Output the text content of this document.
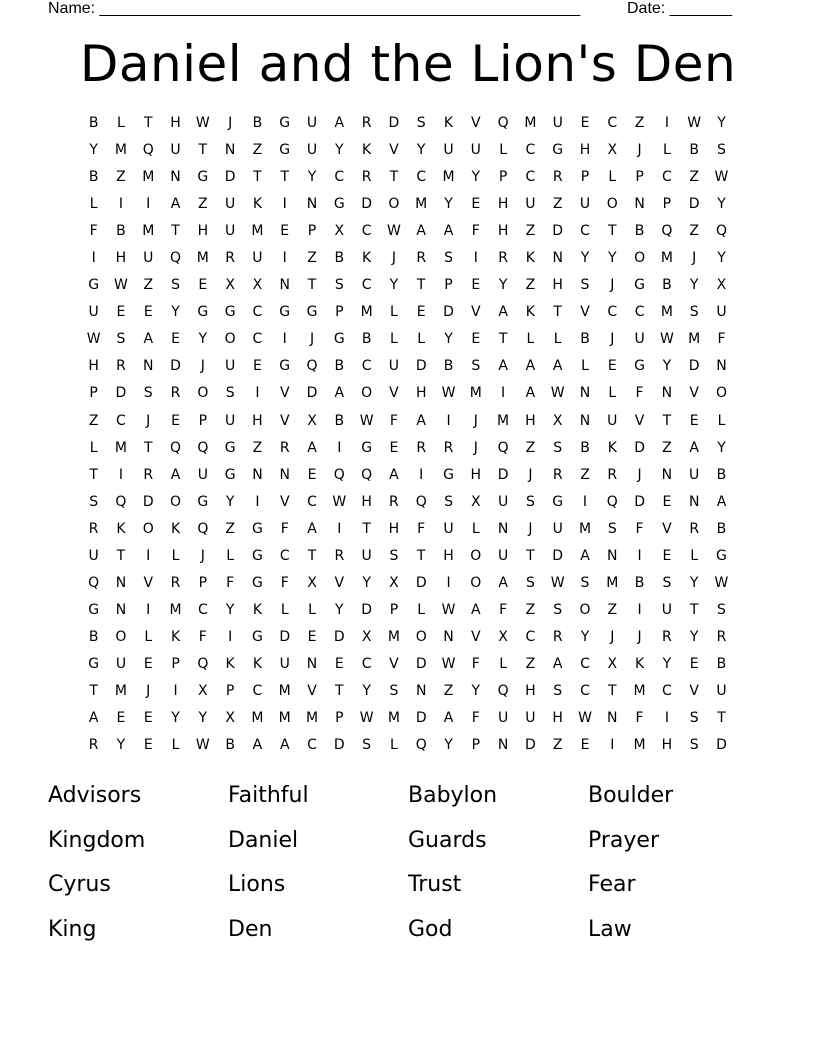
Name: ______________________________________________________	Date: _______
Daniel and the Lion's Den
B	L	T	H	W	J	B	G	U	A	R	D	S	K	V	Q	M	U	E	C	Z	I	W	Y
Y	M	Q	U	T	N	Z	G	U	Y	K	V	Y	U	U	L	C	G	H	X	J	L	B	S
B	Z	M	N	G	D	T	T	Y	C	R	T	C	M	Y	P	C	R	P	L	P	C	Z	W
L	I	I	A	Z	U	K	I	N	G	D	O	M	Y	E	H	U	Z	U	O	N	P	D	Y
F	B	M	T	H	U	M	E	P	X	C	W	A	A	F	H	Z	D	C	T	B	Q	Z	Q
I	H	U	Q	M	R	U	I	Z	B	K	J	R	S	I	R	K	N	Y	Y	O	M	J	Y
G	W	Z	S	E	X	X	N	T	S	C	Y	T	P	E	Y	Z	H	S	J	G	B	Y	X
U	E	E	Y	G	G	C	G	G	P	M	L	E	D	V	A	K	T	V	C	C	M	S	U
W	S	A	E	Y	O	C	I	J	G	B	L	L	Y	E	T	L	L	B	J	U	W	M	F
H	R	N	D	J	U	E	G	Q	B	C	U	D	B	S	A	A	A	L	E	G	Y	D	N
P	D	S	R	O	S	I	V	D	A	O	V	H	W	M	I	A	W	N	L	F	N	V	O
Z	C	J	E	P	U	H	V	X	B	W	F	A	I	J	M	H	X	N	U	V	T	E	L
L	M	T	Q	Q	G	Z	R	A	I	G	E	R	R	J	Q	Z	S	B	K	D	Z	A	Y
T	I	R	A	U	G	N	N	E	Q	Q	A	I	G	H	D	J	R	Z	R	J	N	U	B
S	Q	D	O	G	Y	I	V	C	W	H	R	Q	S	X	U	S	G	I	Q	D	E	N	A
R	K	O	K	Q	Z	G	F	A	I	T	H	F	U	L	N	J	U	M	S	F	V	R	B
U	T	I	L	J	L	G	C	T	R	U	S	T	H	O	U	T	D	A	N	I	E	L	G
Q	N	V	R	P	F	G	F	X	V	Y	X	D	I	O	A	S	W	S	M	B	S	Y	W
G	N	I	M	C	Y	K	L	L	Y	D	P	L	W	A	F	Z	S	O	Z	I	U	T	S
B	O	L	K	F	I	G	D	E	D	X	M	O	N	V	X	C	R	Y	J	J	R	Y	R
G	U	E	P	Q	K	K	U	N	E	C	V	D	W	F	L	Z	A	C	X	K	Y	E	B
T	M	J	I	X	P	C	M	V	T	Y	S	N	Z	Y	Q	H	S	C	T	M	C	V	U
A	E	E	Y	Y	X	M	M	M	P	W	M	D	A	F	U	U	H	W	N	F	I	S	T
R	Y	E	L	W	B	A	A	C	D	S	L	Q	Y	P	N	D	Z	E	I	M	H	S	D
Advisors	Faithful	Babylon	Boulder
Kingdom	Daniel	Guards	Prayer
Cyrus	Lions	Trust	Fear
King	Den	God	Law
